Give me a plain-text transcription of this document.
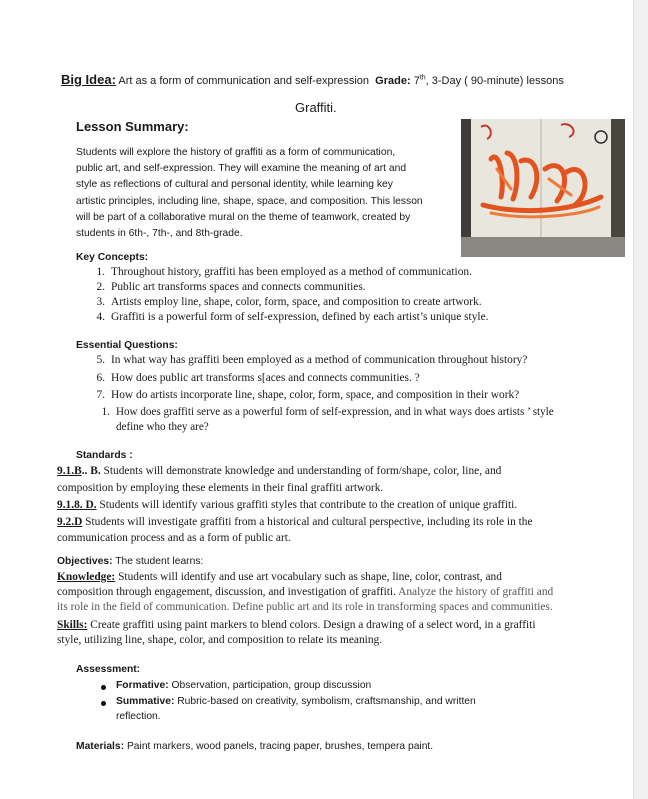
Big Idea: Art as a form of communication and self-expression Grade: 7th, 3-Day ( 90-minute) lessons
Graffiti.
Lesson Summary:
Students will explore the history of graffiti as a form of communication,
public art, and self-expression. They will examine the meaning of art and
style as reflections of cultural and personal identity, while learning key
artistic principles, including line, shape, space, and composition. This lesson
will be part of a collaborative mural on the theme of teamwork, created by
students in 6th-, 7th-, and 8th-grade.
Key Concepts:
1. Throughout history, graffiti has been employed as a method of communication.
2. Public art transforms spaces and connects communities.
3. Artists employ line, shape, color, form, space, and composition to create artwork.
4. Graffiti is a powerful form of self-expression, defined by each artist’s unique style.
Essential Questions:
5. In what way has graffiti been employed as a method of communication throughout history?
6. How does public art transforms s[aces and connects communities. ?
7. How do artists incorporate line, shape, color, form, space, and composition in their work?
1. How does graffiti serve as a powerful form of self-expression, and in what ways does artists ’ style
define who they are?
Standards :
9.1.B.. B. Students will demonstrate knowledge and understanding of form/shape, color, line, and
composition by employing these elements in their final graffiti artwork.
9.1.8. D. Students will identify various graffiti styles that contribute to the creation of unique graffiti.
9.2.D Students will investigate graffiti from a historical and cultural perspective, including its role in the
communication process and as a form of public art.
Objectives: The student learns:
Knowledge: Students will identify and use art vocabulary such as shape, line, color, contrast, and
composition through engagement, discussion, and investigation of graffiti. Analyze the history of graffiti and
its role in the field of communication. Define public art and its role in transforming spaces and communities.
Skills: Create graffiti using paint markers to blend colors. Design a drawing of a select word, in a graffiti
style, utilizing line, shape, color, and composition to relate its meaning.
Assessment:
Formative: Observation, participation, group discussion
Summative: Rubric-based on creativity, symbolism, craftsmanship, and written
reflection.
Materials: Paint markers, wood panels, tracing paper, brushes, tempera paint.
